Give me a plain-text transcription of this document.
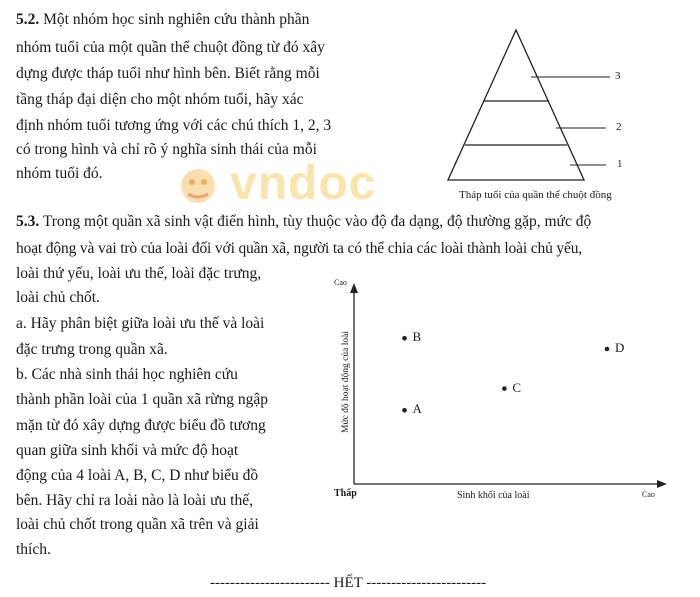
5.2. Một nhóm học sinh nghiên cứu thành phần
nhóm tuổi của một quần thể chuột đồng từ đó xây
dựng được tháp tuổi như hình bên. Biết rằng mỗi
tầng tháp đại diện cho một nhóm tuổi, hãy xác
định nhóm tuổi tương ứng với các chú thích 1, 2, 3
có trong hình và chỉ rõ ý nghĩa sinh thái của mỗi
nhóm tuổi đó.
3
2
1
Tháp tuổi của quần thể chuột đồng
vndoc
5.3. Trong một quần xã sinh vật điển hình, tùy thuộc vào độ đa dạng, độ thường gặp, mức độ
hoạt động và vai trò của loài đối với quần xã, người ta có thể chia các loài thành loài chủ yếu,
loài thứ yếu, loài ưu thế, loài đặc trưng,
loài chủ chốt.
a. Hãy phân biệt giữa loài ưu thế và loài
đặc trưng trong quần xã.
b. Các nhà sinh thái học nghiên cứu
thành phần loài của 1 quần xã rừng ngập
mặn từ đó xây dựng được biểu đồ tương
quan giữa sinh khối và mức độ hoạt
động của 4 loài A, B, C, D như biểu đồ
bên. Hãy chỉ ra loài nào là loài ưu thế,
loài chủ chốt trong quần xã trên và giải
thích.
Cao
Cao
Thấp	Sinh khối của loài
Mức độ hoạt động của loài	B
D
C
A
------------------------ HẾT ------------------------
